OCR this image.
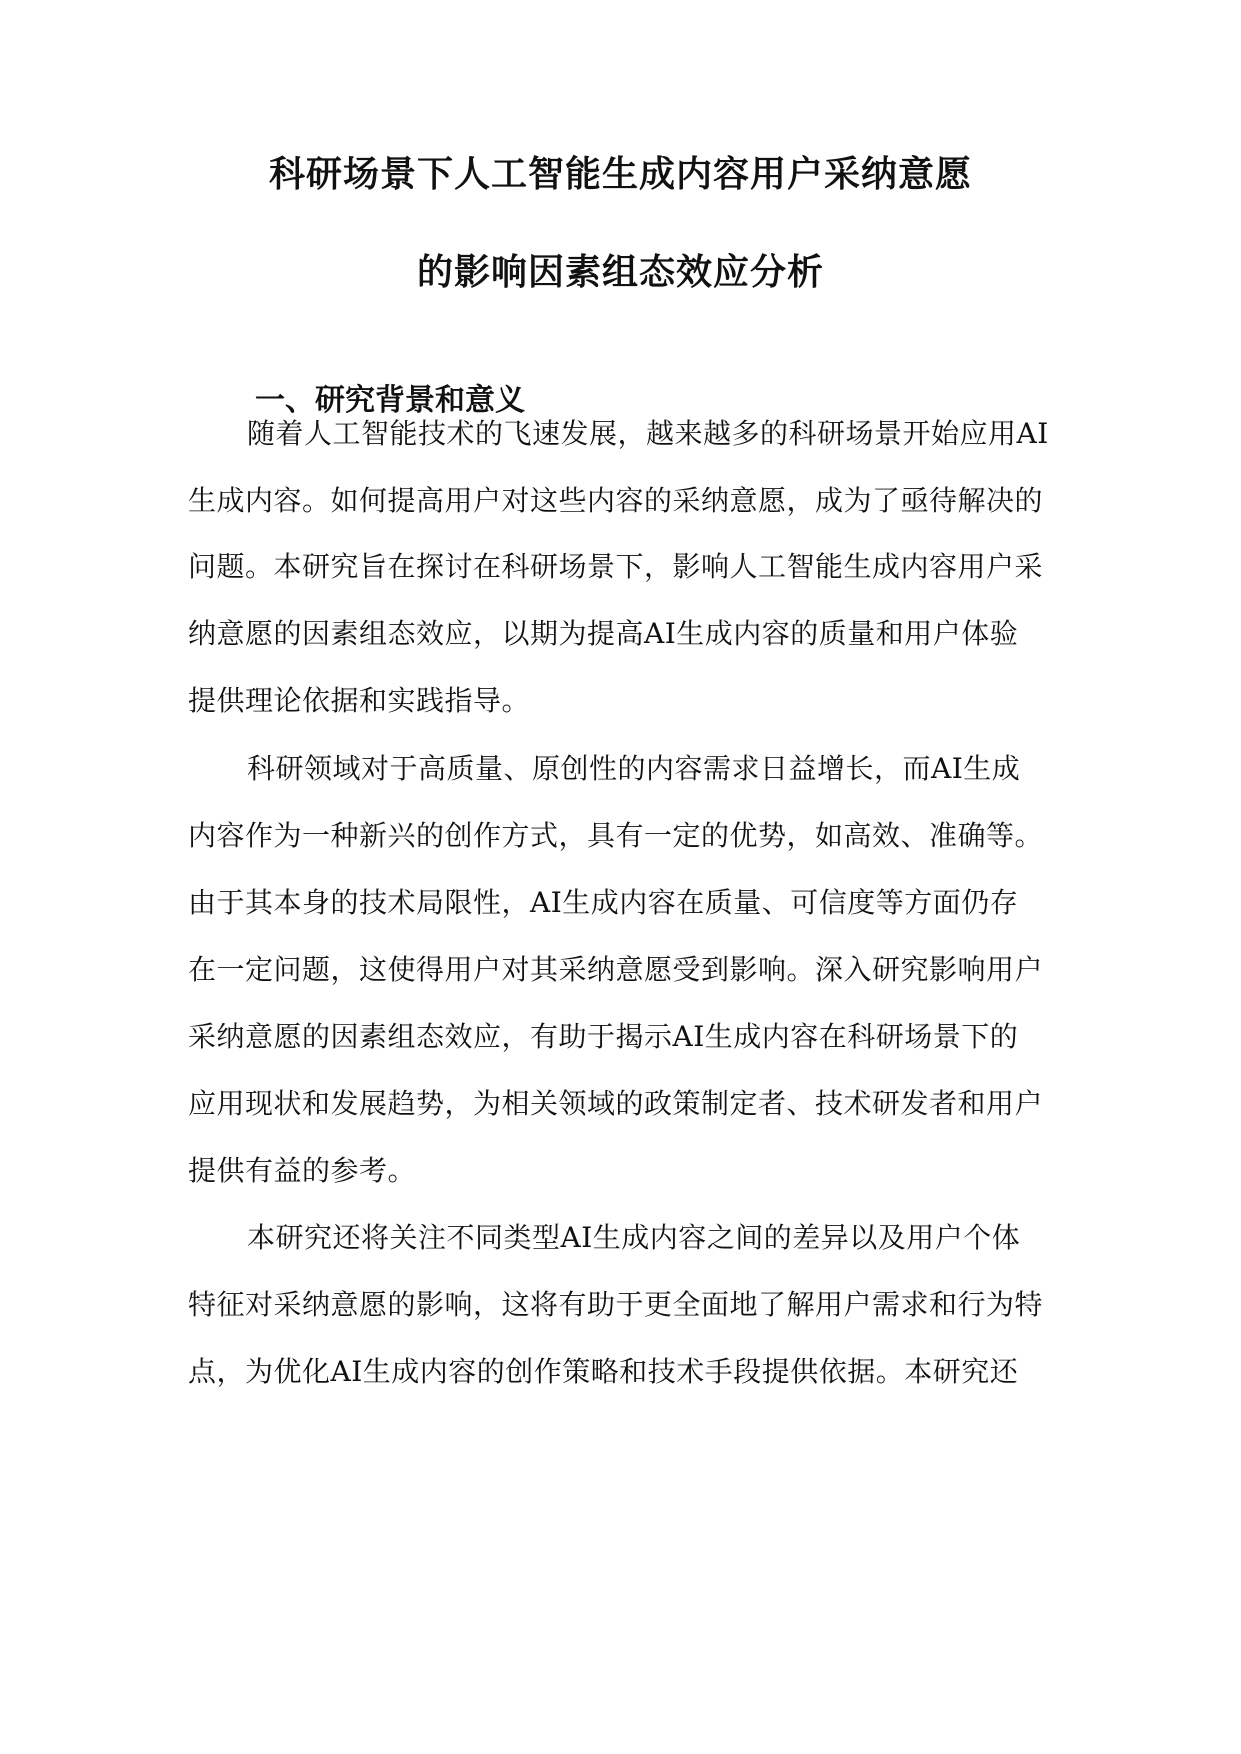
科研场景下人工智能生成内容用户采纳意愿
的影响因素组态效应分析
一、研究背景和意义
随着人工智能技术的飞速发展，越来越多的科研场景开始应用AI
生成内容。如何提高用户对这些内容的采纳意愿，成为了亟待解决的
问题。本研究旨在探讨在科研场景下，影响人工智能生成内容用户采
纳意愿的因素组态效应，以期为提高AI生成内容的质量和用户体验
提供理论依据和实践指导。
科研领域对于高质量、原创性的内容需求日益增长，而AI生成
内容作为一种新兴的创作方式，具有一定的优势，如高效、准确等。
由于其本身的技术局限性，AI生成内容在质量、可信度等方面仍存
在一定问题，这使得用户对其采纳意愿受到影响。深入研究影响用户
采纳意愿的因素组态效应，有助于揭示AI生成内容在科研场景下的
应用现状和发展趋势，为相关领域的政策制定者、技术研发者和用户
提供有益的参考。
本研究还将关注不同类型AI生成内容之间的差异以及用户个体
特征对采纳意愿的影响，这将有助于更全面地了解用户需求和行为特
点，为优化AI生成内容的创作策略和技术手段提供依据。本研究还
